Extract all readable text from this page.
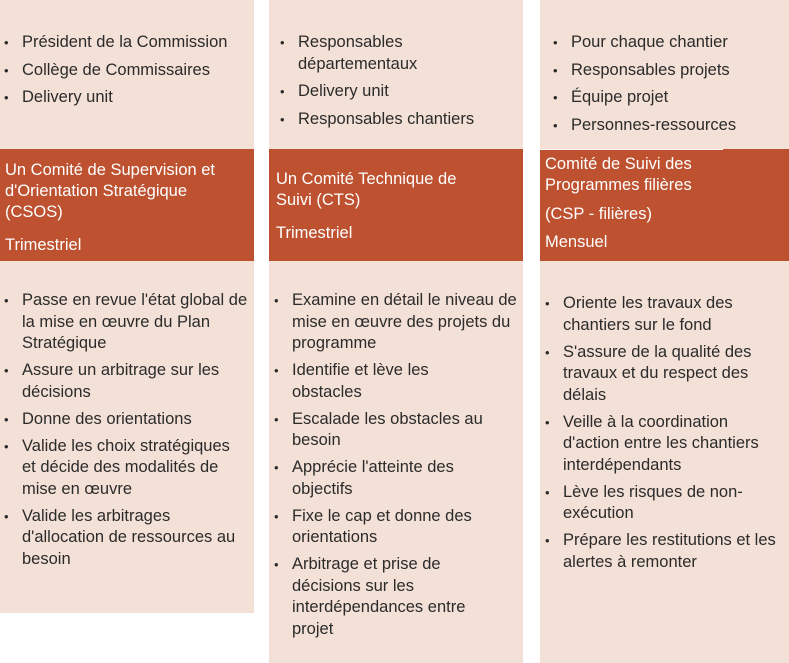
• Président de la Commission
• Collège de Commissaires
• Delivery unit
Un Comité de Supervision et d'Orientation Stratégique (CSOS)
Trimestriel
• Passe en revue l'état global de la mise en œuvre du Plan Stratégique
• Assure un arbitrage sur les décisions
• Donne des orientations
• Valide les choix stratégiques et décide des modalités de mise en œuvre
• Valide les arbitrages d'allocation de ressources au besoin
• Responsables départementaux
• Delivery unit
• Responsables chantiers
Un Comité Technique de Suivi (CTS)
Trimestriel
• Examine en détail le niveau de mise en œuvre des projets du programme
• Identifie et lève les obstacles
• Escalade les obstacles au besoin
• Apprécie l'atteinte des objectifs
• Fixe le cap et donne des orientations
• Arbitrage et prise de décisions sur les interdépendances entre projet
• Pour chaque chantier
• Responsables projets
• Équipe projet
• Personnes-ressources
Comité de Suivi des Programmes filières
(CSP - filières)
Mensuel
• Oriente les travaux des chantiers sur le fond
• S'assure de la qualité des travaux et du respect des délais
• Veille à la coordination d'action entre les chantiers interdépendants
• Lève les risques de non-exécution
• Prépare les restitutions et les alertes à remonter
